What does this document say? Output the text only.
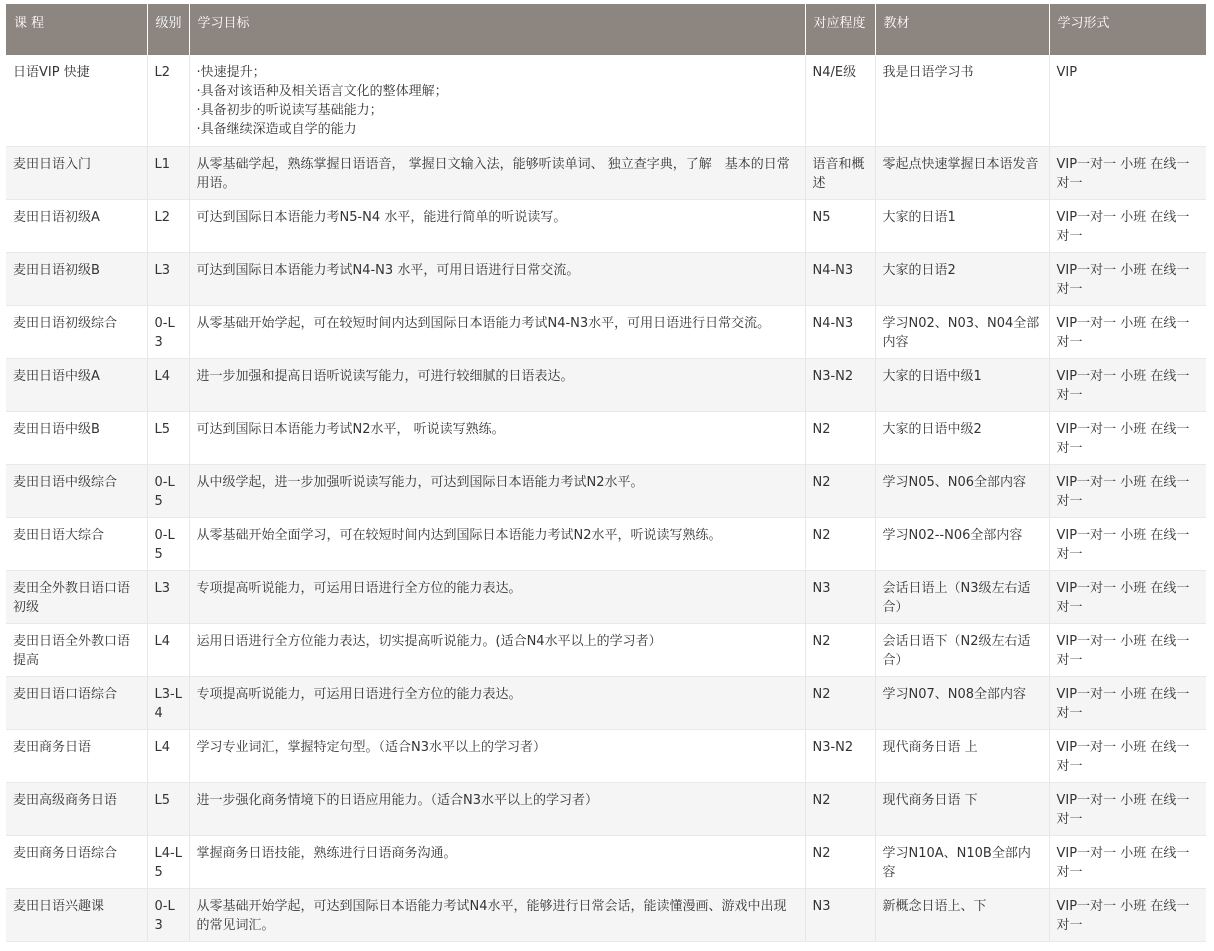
课 程	级别	学习目标	对应程度	教材	学习形式
日语VIP 快捷	L2	·快速提升；
·具备对该语种及相关语言文化的整体理解；
·具备初步的听说读写基础能力；
·具备继续深造或自学的能力	N4/E级	我是日语学习书	VIP
麦田日语入门	L1	从零基础学起，熟练掌握日语语音， 掌握日文输入法，能够听读单词、 独立查字典，了解　基本的日常用语。	语音和概述	零起点快速掌握日本语发音	VIP一对一 小班 在线一对一
麦田日语初级A	L2	可达到国际日本语能力考N5-N4 水平，能进行简单的听说读写。	N5	大家的日语1	VIP一对一 小班 在线一对一
麦田日语初级B	L3	可达到国际日本语能力考试N4-N3 水平，可用日语进行日常交流。	N4-N3	大家的日语2	VIP一对一 小班 在线一对一
麦田日语初级综合	0-L3	从零基础开始学起，可在较短时间内达到国际日本语能力考试N4-N3水平，可用日语进行日常交流。	N4-N3	学习N02、N03、N04全部内容	VIP一对一 小班 在线一对一
麦田日语中级A	L4	进一步加强和提高日语听说读写能力，可进行较细腻的日语表达。	N3-N2	大家的日语中级1	VIP一对一 小班 在线一对一
麦田日语中级B	L5	可达到国际日本语能力考试N2水平， 听说读写熟练。	N2	大家的日语中级2	VIP一对一 小班 在线一对一
麦田日语中级综合	0-L5	从中级学起，进一步加强听说读写能力，可达到国际日本语能力考试N2水平。	N2	学习N05、N06全部内容	VIP一对一 小班 在线一对一
麦田日语大综合	0-L5	从零基础开始全面学习，可在较短时间内达到国际日本语能力考试N2水平，听说读写熟练。	N2	学习N02--N06全部内容	VIP一对一 小班 在线一对一
麦田全外教日语口语初级	L3	专项提高听说能力，可运用日语进行全方位的能力表达。	N3	会话日语上（N3级左右适合）	VIP一对一 小班 在线一对一
麦田日语全外教口语提高	L4	运用日语进行全方位能力表达，切实提高听说能力。(适合N4水平以上的学习者）	N2	会话日语下（N2级左右适合）	VIP一对一 小班 在线一对一
麦田日语口语综合	L3-L4	专项提高听说能力，可运用日语进行全方位的能力表达。	N2	学习N07、N08全部内容	VIP一对一 小班 在线一对一
麦田商务日语	L4	学习专业词汇，掌握特定句型。（适合N3水平以上的学习者）	N3-N2	现代商务日语 上	VIP一对一 小班 在线一对一
麦田高级商务日语	L5	进一步强化商务情境下的日语应用能力。（适合N3水平以上的学习者）	N2	现代商务日语 下	VIP一对一 小班 在线一对一
麦田商务日语综合	L4-L5	掌握商务日语技能，熟练进行日语商务沟通。	N2	学习N10A、N10B全部内容	VIP一对一 小班 在线一对一
麦田日语兴趣课	0-L3	从零基础开始学起，可达到国际日本语能力考试N4水平，能够进行日常会话，能读懂漫画、游戏中出现的常见词汇。	N3	新概念日语上、下	VIP一对一 小班 在线一对一
